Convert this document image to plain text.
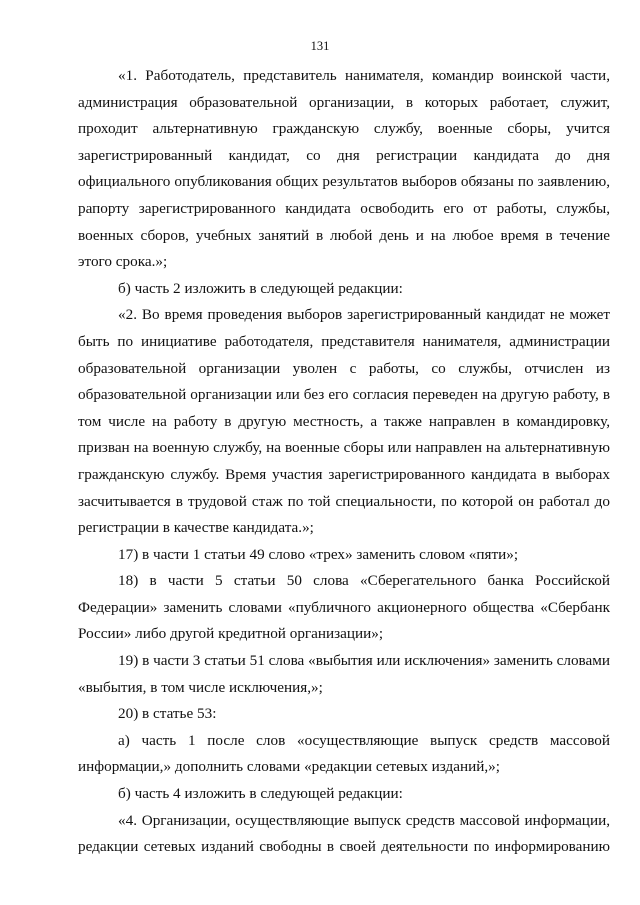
131

«1. Работодатель, представитель нанимателя, командир воинской части, администрация образовательной организации, в которых работает, служит, проходит альтернативную гражданскую службу, военные сборы, учится зарегистрированный кандидат, со дня регистрации кандидата до дня официального опубликования общих результатов выборов обязаны по заявлению, рапорту зарегистрированного кандидата освободить его от работы, службы, военных сборов, учебных занятий в любой день и на любое время в течение этого срока.»;

б) часть 2 изложить в следующей редакции:

«2. Во время проведения выборов зарегистрированный кандидат не может быть по инициативе работодателя, представителя нанимателя, администрации образовательной организации уволен с работы, со службы, отчислен из образовательной организации или без его согласия переведен на другую работу, в том числе на работу в другую местность, а также направлен в командировку, призван на военную службу, на военные сборы или направлен на альтернативную гражданскую службу. Время участия зарегистрированного кандидата в выборах засчитывается в трудовой стаж по той специальности, по которой он работал до регистрации в качестве кандидата.»;

17) в части 1 статьи 49 слово «трех» заменить словом «пяти»;

18) в части 5 статьи 50 слова «Сберегательного банка Российской Федерации» заменить словами «публичного акционерного общества «Сбербанк России» либо другой кредитной организации»;

19) в части 3 статьи 51 слова «выбытия или исключения» заменить словами «выбытия, в том числе исключения,»;

20) в статье 53:

а) часть 1 после слов «осуществляющие выпуск средств массовой информации,» дополнить словами «редакции сетевых изданий,»;

б) часть 4 изложить в следующей редакции:

«4. Организации, осуществляющие выпуск средств массовой информации, редакции сетевых изданий свободны в своей деятельности по информированию
